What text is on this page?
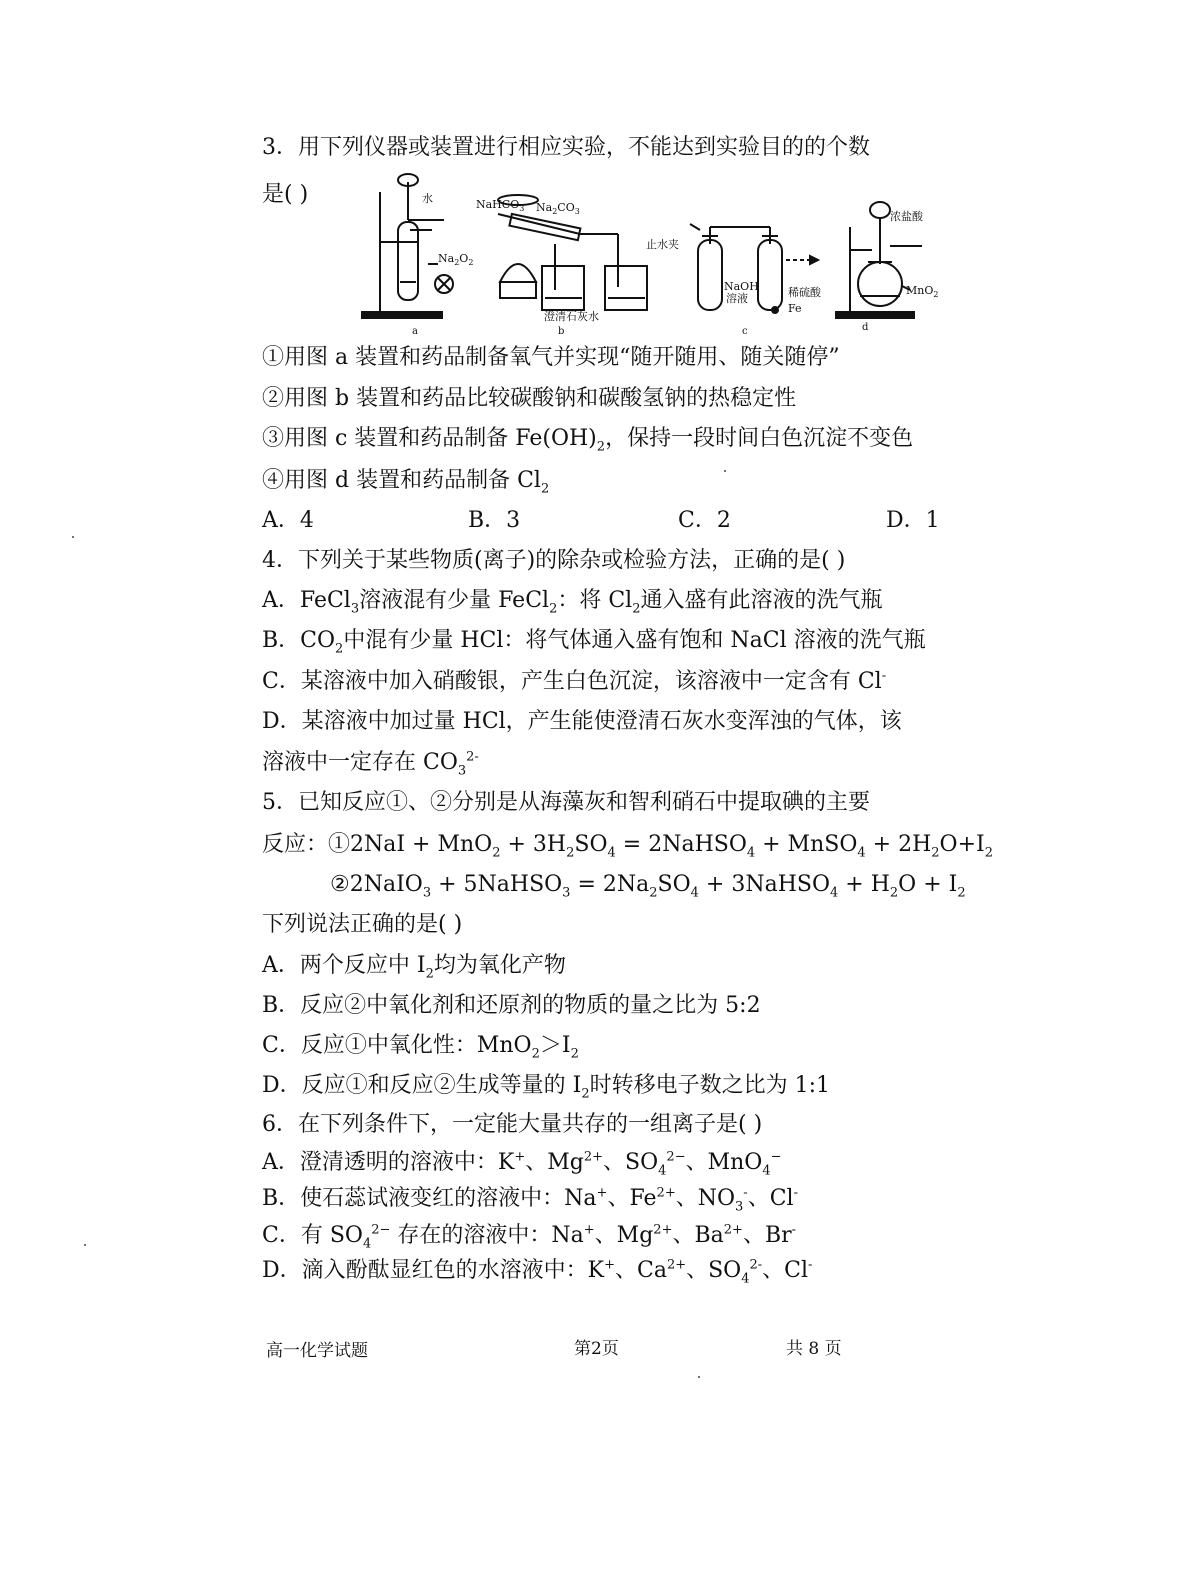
3．用下列仪器或装置进行相应实验，不能达到实验目的的个数
是( )	水
$Na_2O_2$
a
NaHCO$_3$ $Na_2CO_3$
澄清石灰水
b
止水夹
NaOH
溶液	稀硫酸
Fe
c
浓盐酸
MnO$_2$
d
①用图 a 装置和药品制备氧气并实现“随开随用、随关随停”
②用图 b 装置和药品比较碳酸钠和碳酸氢钠的热稳定性
③用图 c 装置和药品制备 $Fe(OH)_2$，保持一段时间白色沉淀不变色
④用图 d 装置和药品制备 $Cl_2$
A．4	B．3	C．2	D．1
4．下列关于某些物质(离子)的除杂或检验方法，正确的是( )
A．FeCl$_3$溶液混有少量 FeCl$_2$：将 $Cl_2$通入盛有此溶液的洗气瓶
B．$CO_2$中混有少量 HCl：将气体通入盛有饱和 NaCl 溶液的洗气瓶
C．某溶液中加入硝酸银，产生白色沉淀，该溶液中一定含有 Cl-
D．某溶液中加过量 HCl，产生能使澄清石灰水变浑浊的气体，该
溶液中一定存在 $CO_3^{2-}$
5．已知反应①、②分别是从海藻灰和智利硝石中提取碘的主要
反应：①2NaI + $MnO_2 + 3H_2SO_4$ = 2NaHSO$_4$ + MnSO$_4$ + $2H_2O+I_2$
②2NaIO$_3$ + 5NaHSO$_3$ = $2Na_2SO_4$ + 3NaHSO$_4$ + $H_2O + I_2$
下列说法正确的是( )
A．两个反应中 $I_2$均为氧化产物
B．反应②中氧化剂和还原剂的物质的量之比为 5:2
C．反应①中氧化性：$MnO_2>I_2$
D．反应①和反应②生成等量的 $I_2$时转移电子数之比为 1:1
6．在下列条件下，一定能大量共存的一组离子是( )
A．澄清透明的溶液中：K+、$Mg^{2+}$、$SO_4^{2-}$、MnO$_4$−
B．使石蕊试液变红的溶液中：Na+、$Fe^{2+}$、$NO_3^-$、Cl-
C．有 $SO_4^{2-}$ 存在的溶液中：Na+、$Mg^{2+}$、$Ba^{2+}$、Br-
D．滴入酚酞显红色的水溶液中：K+、$Ca^{2+}$、$SO_4^{2-}$、Cl-
高一化学试题	第2页	共 8 页
